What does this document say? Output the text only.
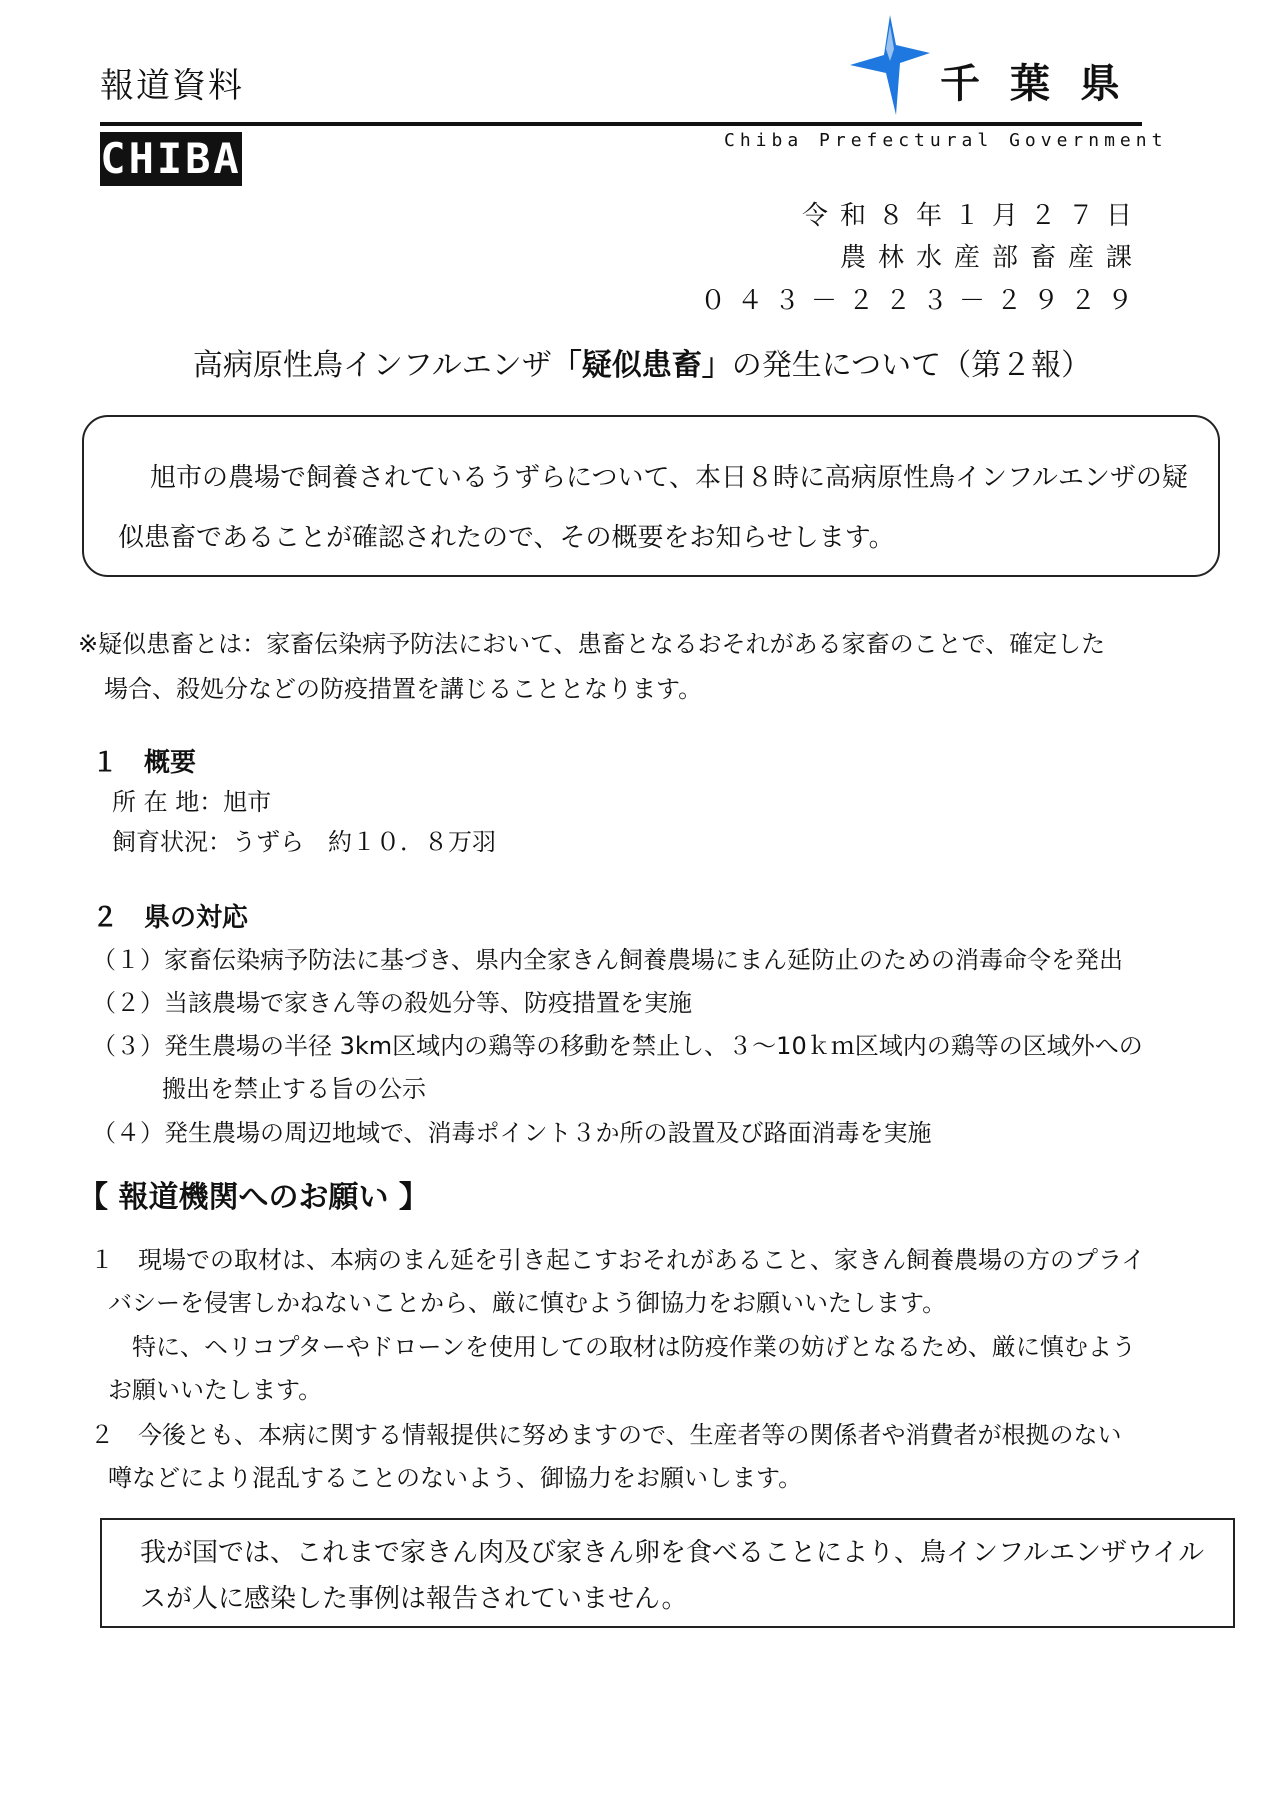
報道資料	千葉県
CHIBA	Chiba Prefectural Government
令和８年１月２７日
農林水産部畜産課
０４３－２２３－２９２９
高病原性鳥インフルエンザ「疑似患畜」の発生について（第２報）
旭市の農場で飼養されているうずらについて、本日８時に高病原性鳥インフルエンザの疑似患畜であることが確認されたので、その概要をお知らせします。
※疑似患畜とは：家畜伝染病予防法において、患畜となるおそれがある家畜のことで、確定した
場合、殺処分などの防疫措置を講じることとなります。
１　概要
所 在 地：旭市
飼育状況：うずら　約１０．８万羽
２　県の対応
（１）家畜伝染病予防法に基づき、県内全家きん飼養農場にまん延防止のための消毒命令を発出
（２）当該農場で家きん等の殺処分等、防疫措置を実施
（３）発生農場の半径 3km区域内の鶏等の移動を禁止し、３～10ｋｍ区域内の鶏等の区域外への
搬出を禁止する旨の公示
（４）発生農場の周辺地域で、消毒ポイント３か所の設置及び路面消毒を実施
【 報道機関へのお願い 】
１　現場での取材は、本病のまん延を引き起こすおそれがあること、家きん飼養農場の方のプライ
バシーを侵害しかねないことから、厳に慎むよう御協力をお願いいたします。
　特に、ヘリコプターやドローンを使用しての取材は防疫作業の妨げとなるため、厳に慎むよう
お願いいたします。
２　今後とも、本病に関する情報提供に努めますので、生産者等の関係者や消費者が根拠のない
噂などにより混乱することのないよう、御協力をお願いします。
我が国では、これまで家きん肉及び家きん卵を食べることにより、鳥インフルエンザウイルスが人に感染した事例は報告されていません。
